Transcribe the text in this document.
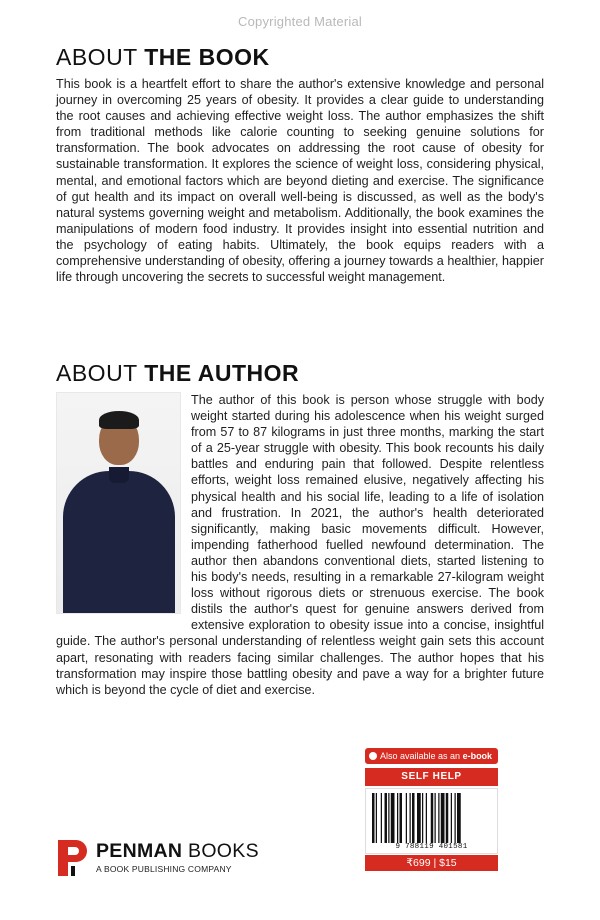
Copyrighted Material
ABOUT THE BOOK

This book is a heartfelt effort to share the author's extensive knowledge and personal journey in overcoming 25 years of obesity. It provides a clear guide to understanding the root causes and achieving effective weight loss. The author emphasizes the shift from traditional methods like calorie counting to seeking genuine solutions for transformation. The book advocates on addressing the root cause of obesity for sustainable transformation. It explores the science of weight loss, considering physical, mental, and emotional factors which are beyond dieting and exercise. The significance of gut health and its impact on overall well-being is discussed, as well as the body's natural systems governing weight and metabolism. Additionally, the book examines the manipulations of modern food industry. It provides insight into essential nutrition and the psychology of eating habits. Ultimately, the book equips readers with a comprehensive understanding of obesity, offering a journey towards a healthier, happier life through uncovering the secrets to successful weight management.

ABOUT THE AUTHOR
The author of this book is person whose struggle with body weight started during his adolescence when his weight surged from 57 to 87 kilograms in just three months, marking the start of a 25-year struggle with obesity. This book recounts his daily battles and enduring pain that followed. Despite relentless efforts, weight loss remained elusive, negatively affecting his physical health and his social life, leading to a life of isolation and frustration. In 2021, the author's health deteriorated significantly, making basic movements difficult. However, impending fatherhood fuelled newfound determination. The author then abandons conventional diets, started listening to his body's needs, resulting in a remarkable 27-kilogram weight loss without rigorous diets or strenuous exercise. The book distils the author's quest for genuine answers derived from extensive exploration to obesity issue into a concise, insightful guide. The author's personal understanding of relentless weight gain sets this account apart, resonating with readers facing similar challenges. The author hopes that his transformation may inspire those battling obesity and pave a way for a brighter future which is beyond the cycle of diet and exercise.
Also available as an e-book
SELF HELP
9 788119 401581
₹699 | $15
PENMAN BOOKS
A BOOK PUBLISHING COMPANY
